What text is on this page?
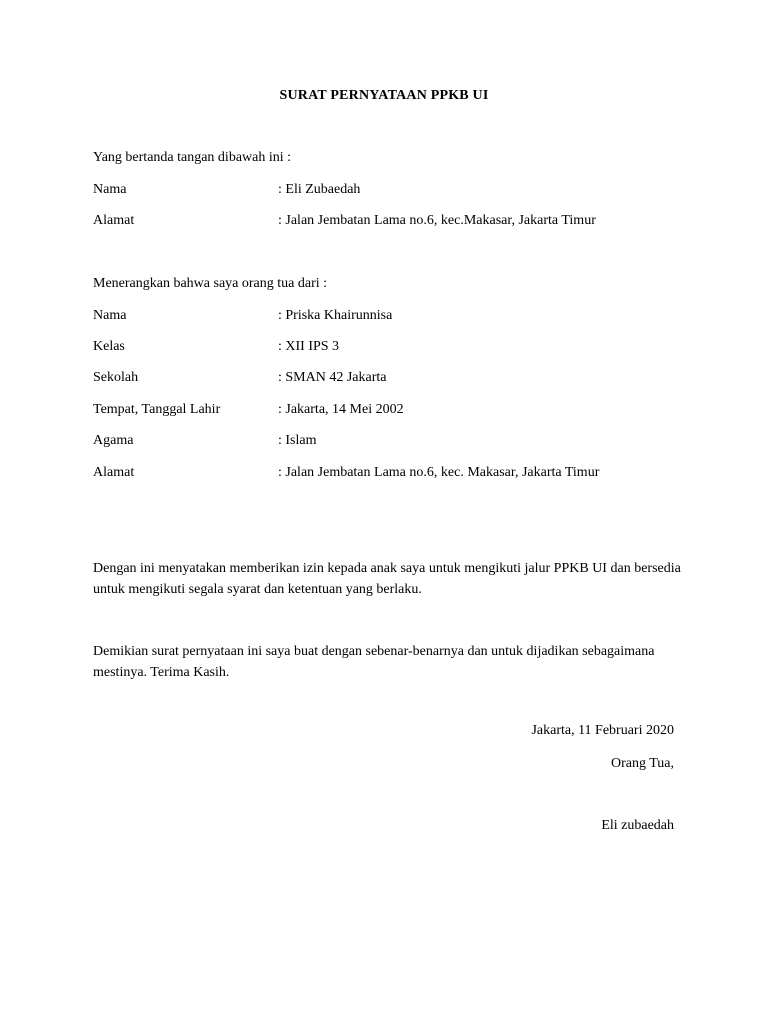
SURAT PERNYATAAN PPKB UI
Yang bertanda tangan dibawah ini :
Nama	: Eli Zubaedah
Alamat	: Jalan Jembatan Lama no.6, kec.Makasar, Jakarta Timur
Menerangkan bahwa saya orang tua dari :
Nama	: Priska Khairunnisa
Kelas	: XII IPS 3
Sekolah	: SMAN 42 Jakarta
Tempat, Tanggal Lahir	: Jakarta, 14 Mei 2002
Agama	: Islam
Alamat	: Jalan Jembatan Lama no.6, kec. Makasar, Jakarta Timur
Dengan ini menyatakan memberikan izin kepada anak saya untuk mengikuti jalur PPKB UI dan bersedia untuk mengikuti segala syarat dan ketentuan yang berlaku.
Demikian surat pernyataan ini saya buat dengan sebenar-benarnya dan untuk dijadikan sebagaimana mestinya. Terima Kasih.
Jakarta, 11 Februari 2020
Orang Tua,
Eli zubaedah
